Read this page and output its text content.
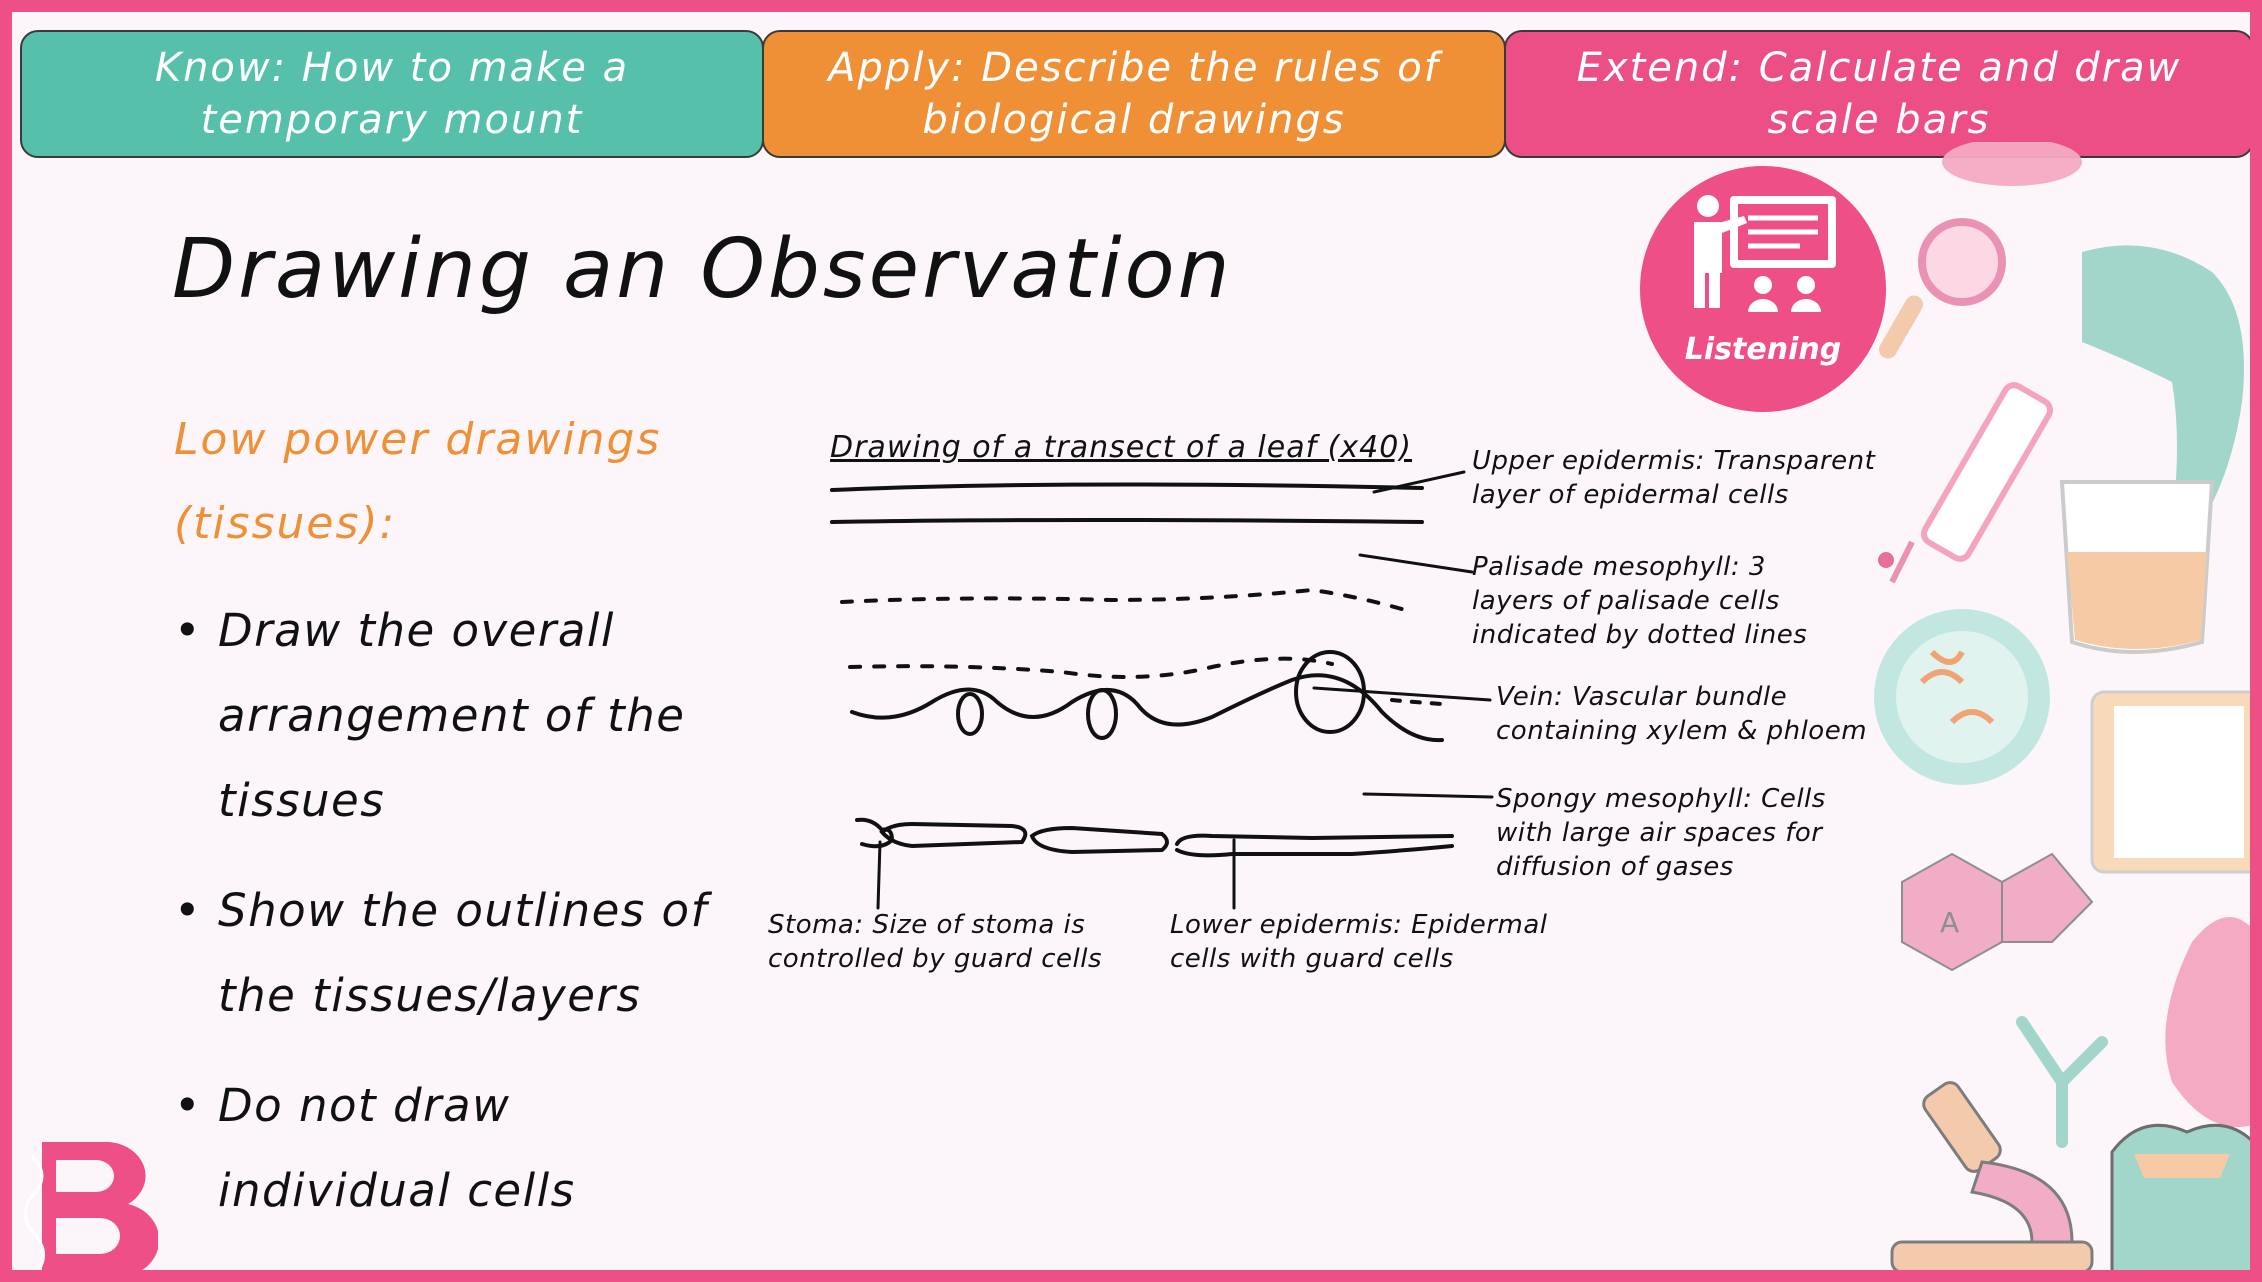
Know: How to make a temporary mount
Apply: Describe the rules of biological drawings
Extend: Calculate and draw scale bars
Drawing an Observation
Low power drawings (tissues):
• Draw the overall arrangement of the tissues
• Show the outlines of the tissues/layers
• Do not draw individual cells
Listening
Drawing of a transect of a leaf (x40) Upper epidermis: Transparent layer of epidermal cells
Palisade mesophyll: 3 layers of palisade cells indicated by dotted lines
Vein: Vascular bundle containing xylem & phloem
Spongy mesophyll: Cells with large air spaces for diffusion of gases
Stoma: Size of stoma is controlled by guard cells
Lower epidermis: Epidermal cells with guard cells
A
